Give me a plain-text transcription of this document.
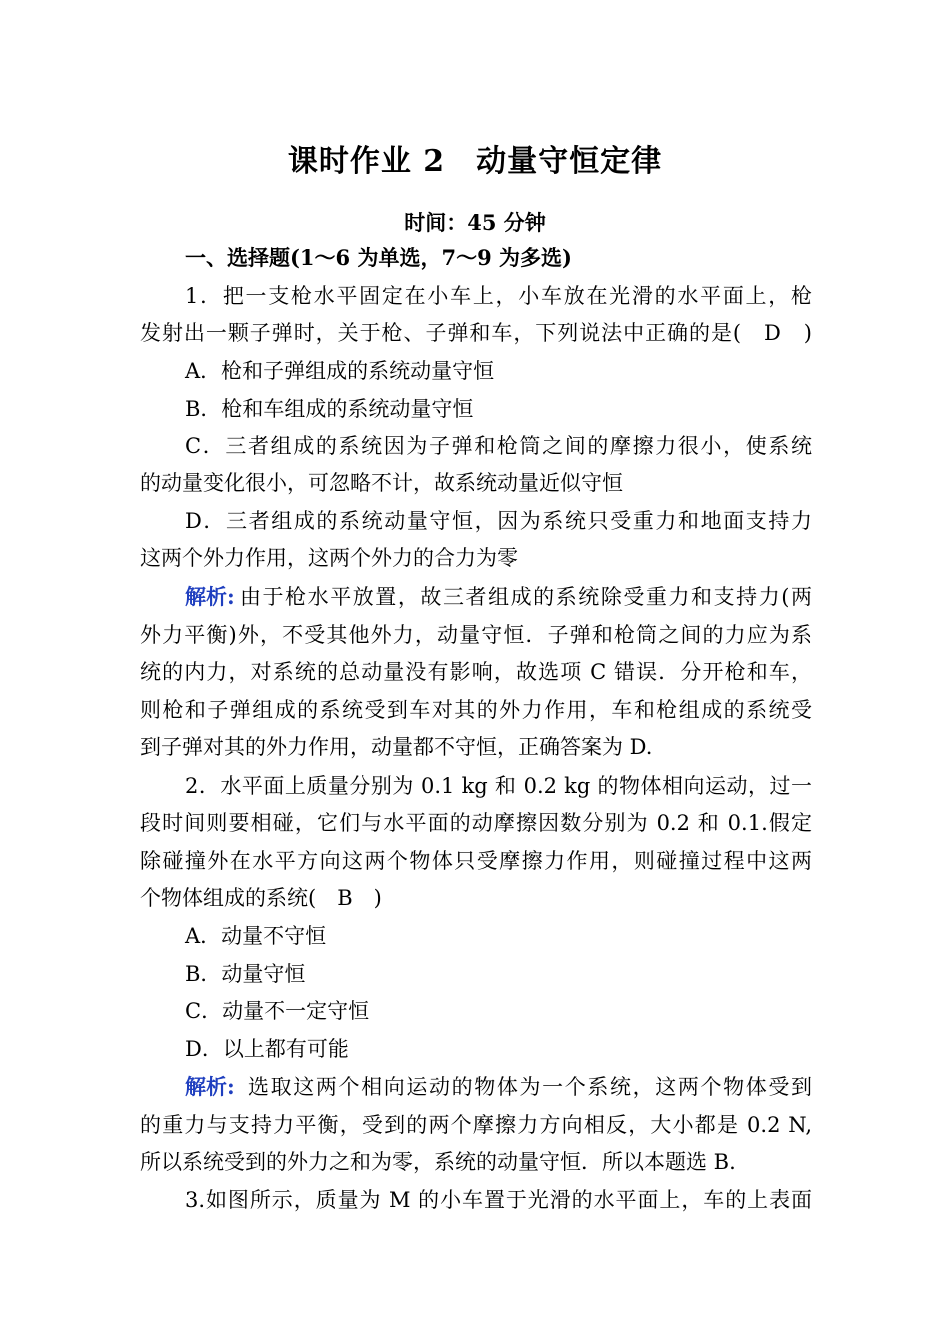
课时作业 2　动量守恒定律
时间：45 分钟
一、选择题(1～6 为单选，7～9 为多选)
1．把一支枪水平固定在小车上，小车放在光滑的水平面上，枪
发射出一颗子弹时，关于枪、子弹和车，下列说法中正确的是(　D　)
A．枪和子弹组成的系统动量守恒
B．枪和车组成的系统动量守恒
C．三者组成的系统因为子弹和枪筒之间的摩擦力很小，使系统
的动量变化很小，可忽略不计，故系统动量近似守恒
D．三者组成的系统动量守恒，因为系统只受重力和地面支持力
这两个外力作用，这两个外力的合力为零
解析: 由于枪水平放置，故三者组成的系统除受重力和支持力(两
外力平衡)外，不受其他外力，动量守恒．子弹和枪筒之间的力应为系
统的内力，对系统的总动量没有影响，故选项 C 错误．分开枪和车，
则枪和子弹组成的系统受到车对其的外力作用，车和枪组成的系统受
到子弹对其的外力作用，动量都不守恒，正确答案为 D.
2．水平面上质量分别为 0.1 kg 和 0.2 kg 的物体相向运动，过一
段时间则要相碰，它们与水平面的动摩擦因数分别为 0.2 和 0.1.假定
除碰撞外在水平方向这两个物体只受摩擦力作用，则碰撞过程中这两
个物体组成的系统(　B　)
A．动量不守恒
B．动量守恒
C．动量不一定守恒
D．以上都有可能
解析: 选取这两个相向运动的物体为一个系统，这两个物体受到
的重力与支持力平衡，受到的两个摩擦力方向相反，大小都是 0.2 N,
所以系统受到的外力之和为零，系统的动量守恒．所以本题选 B.
3.如图所示，质量为 M 的小车置于光滑的水平面上，车的上表面
